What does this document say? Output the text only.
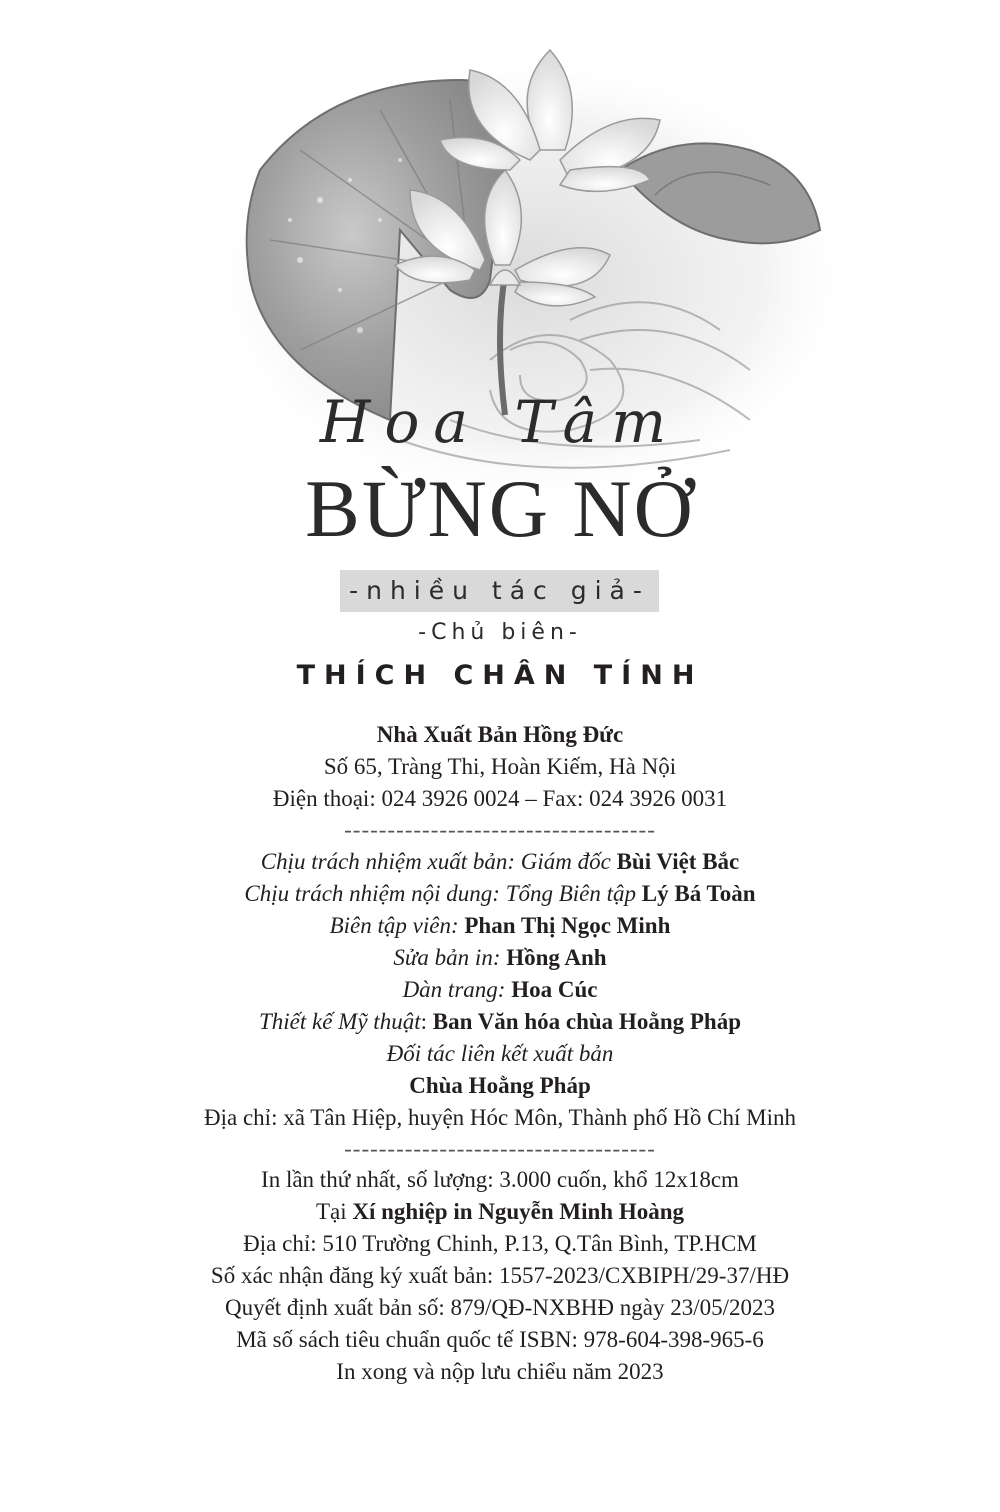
Hoa Tâm
BỪNG NỞ
-nhiều tác giả-
-Chủ biên-
THÍCH CHÂN TÍNH
Nhà Xuất Bản Hồng Đức
Số 65, Tràng Thi, Hoàn Kiếm, Hà Nội
Điện thoại: 024 3926 0024 – Fax: 024 3926 0031
------------------------------------
Chịu trách nhiệm xuất bản: Giám đốc Bùi Việt Bắc
Chịu trách nhiệm nội dung: Tổng Biên tập Lý Bá Toàn
Biên tập viên: Phan Thị Ngọc Minh
Sửa bản in: Hồng Anh
Dàn trang: Hoa Cúc
Thiết kế Mỹ thuật: Ban Văn hóa chùa Hoằng Pháp
Đối tác liên kết xuất bản
Chùa Hoằng Pháp
Địa chỉ: xã Tân Hiệp, huyện Hóc Môn, Thành phố Hồ Chí Minh
------------------------------------
In lần thứ nhất, số lượng: 3.000 cuốn, khổ 12x18cm
Tại Xí nghiệp in Nguyễn Minh Hoàng
Địa chỉ: 510 Trường Chinh, P.13, Q.Tân Bình, TP.HCM
Số xác nhận đăng ký xuất bản: 1557-2023/CXBIPH/29-37/HĐ
Quyết định xuất bản số: 879/QĐ-NXBHĐ ngày 23/05/2023
Mã số sách tiêu chuẩn quốc tế ISBN: 978-604-398-965-6
In xong và nộp lưu chiểu năm 2023
